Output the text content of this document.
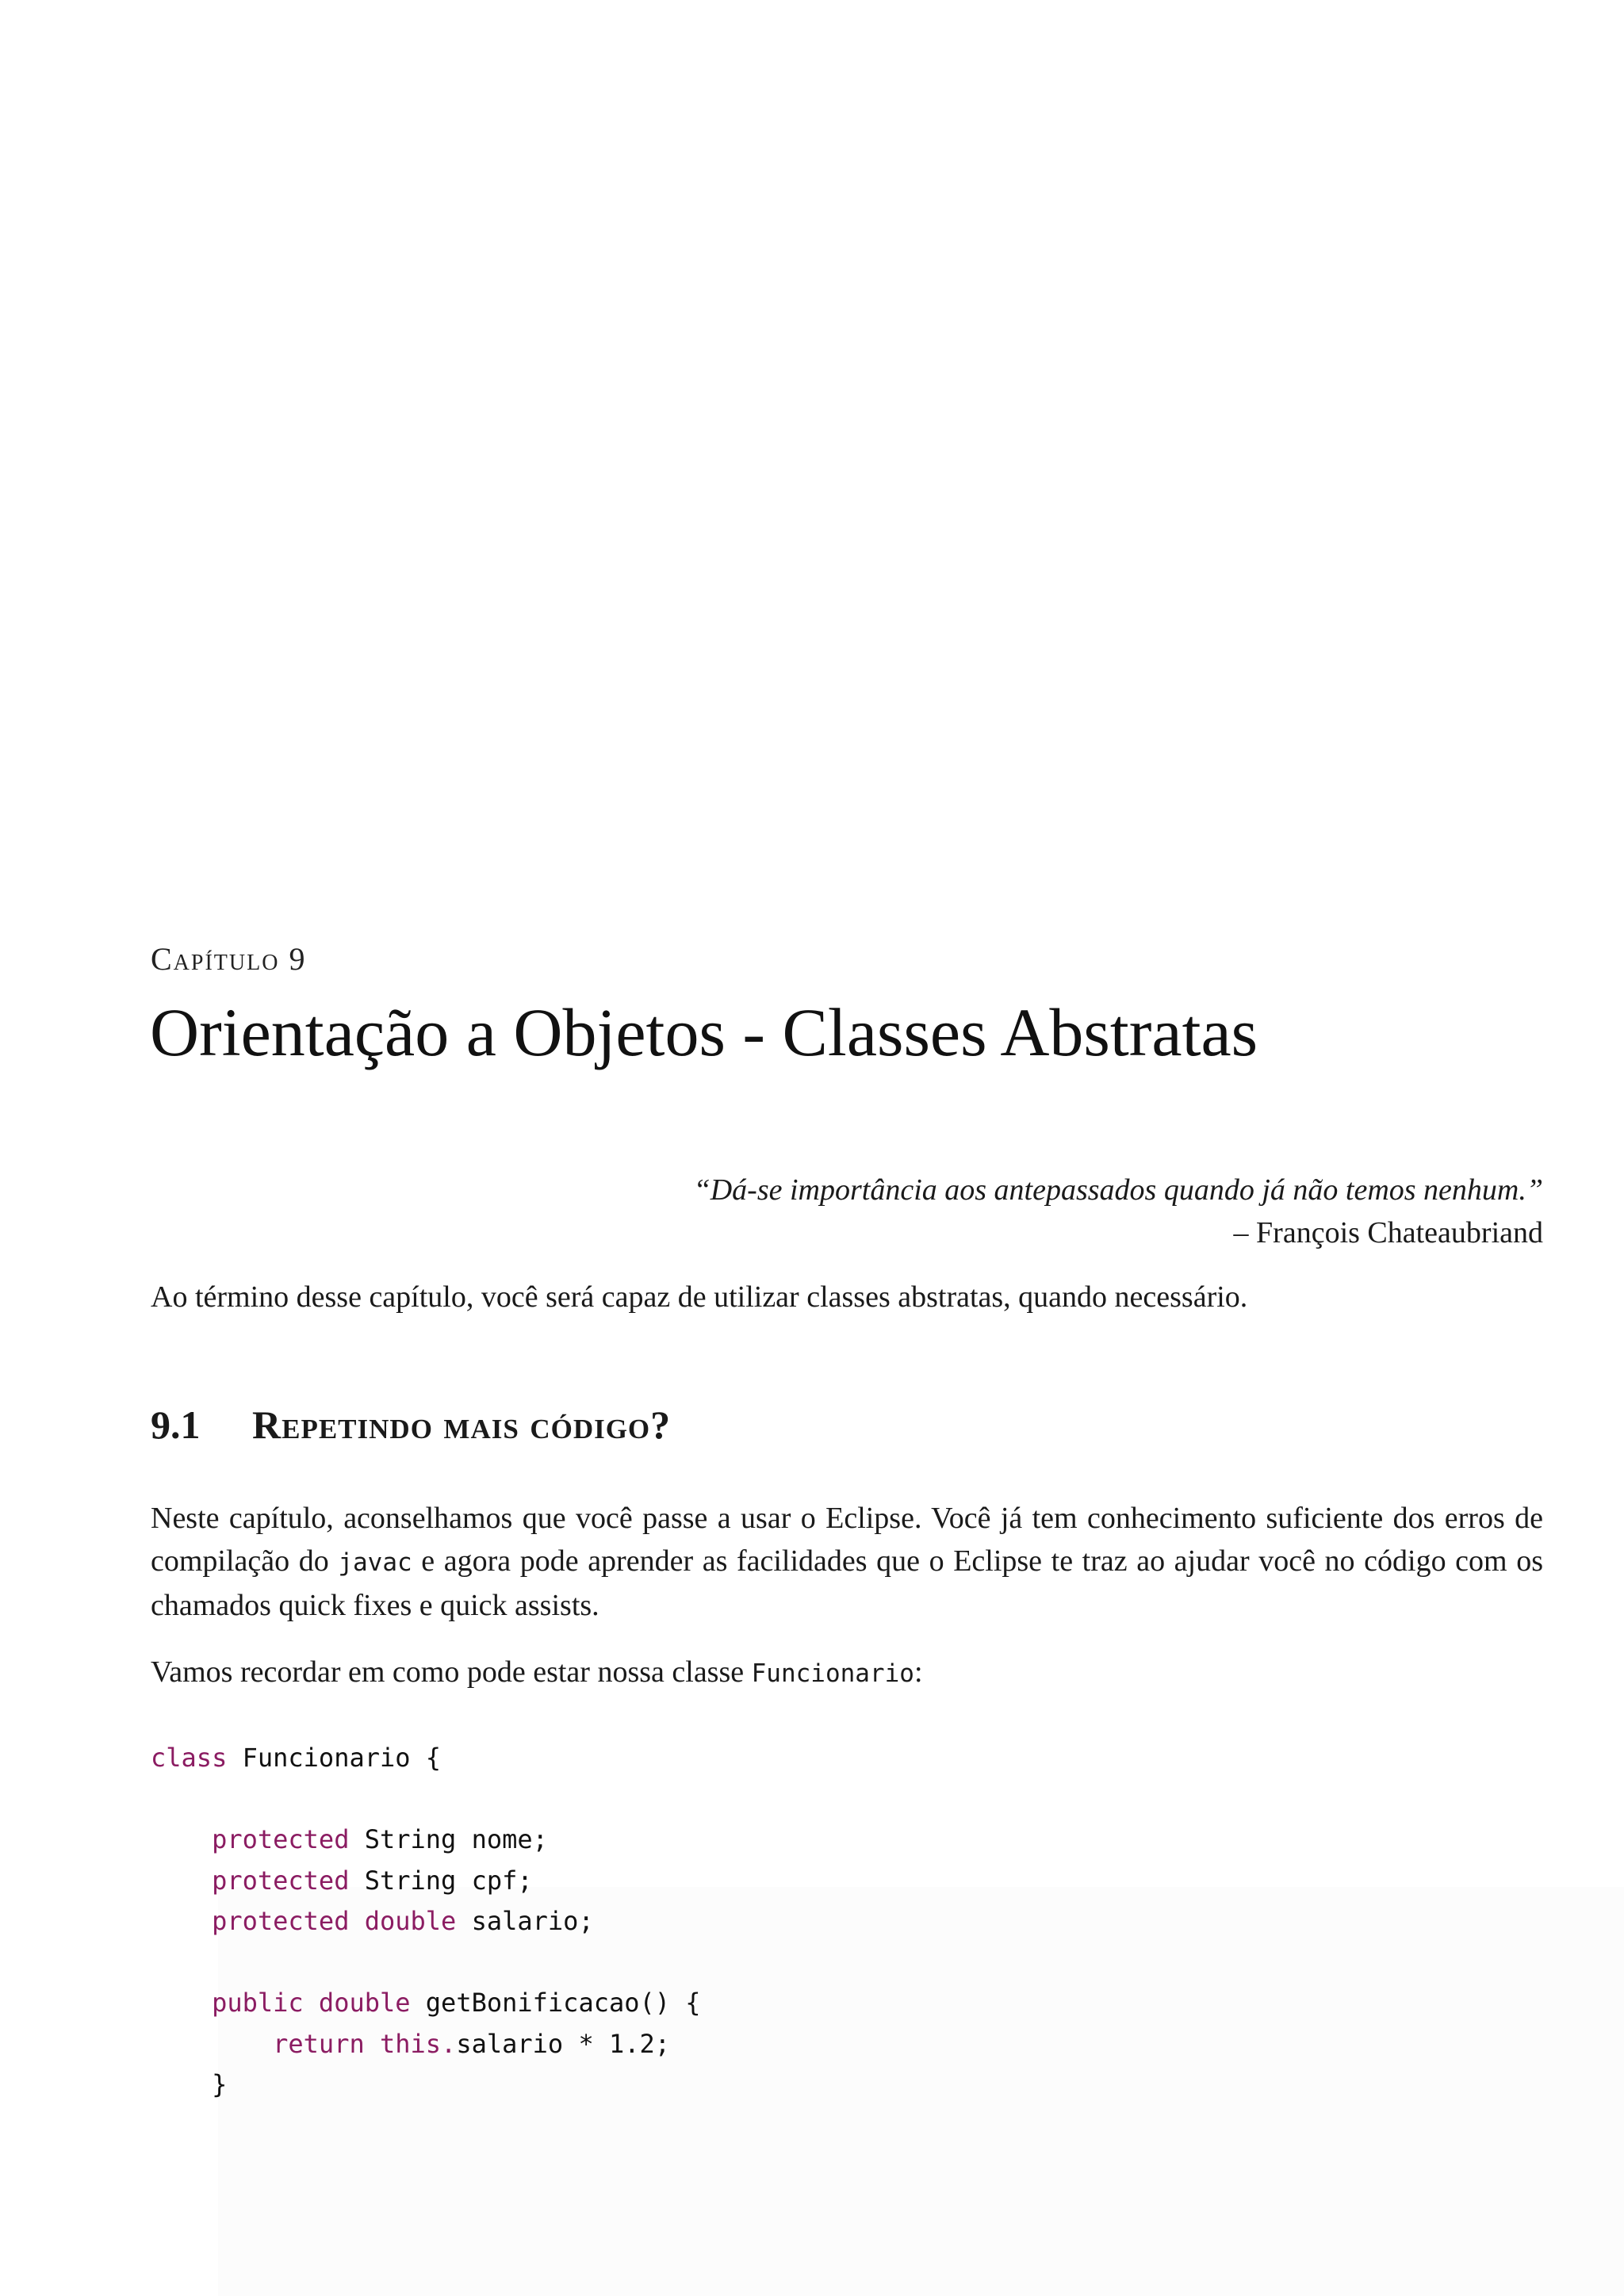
Capítulo 9
Orientação a Objetos - Classes Abstratas
“Dá-se importância aos antepassados quando já não temos nenhum.”
– François Chateaubriand
Ao término desse capítulo, você será capaz de utilizar classes abstratas, quando necessário.
9.1 Repetindo mais código?
Neste capítulo, aconselhamos que você passe a usar o Eclipse. Você já tem conhecimento suficiente dos erros de compilação do javac e agora pode aprender as facilidades que o Eclipse te traz ao ajudar você no código com os chamados quick fixes e quick assists.
Vamos recordar em como pode estar nossa classe Funcionario:
class Funcionario {

protected String nome;
protected String cpf;
protected double salario;

public double getBonificacao() {
return this.salario * 1.2;
}
